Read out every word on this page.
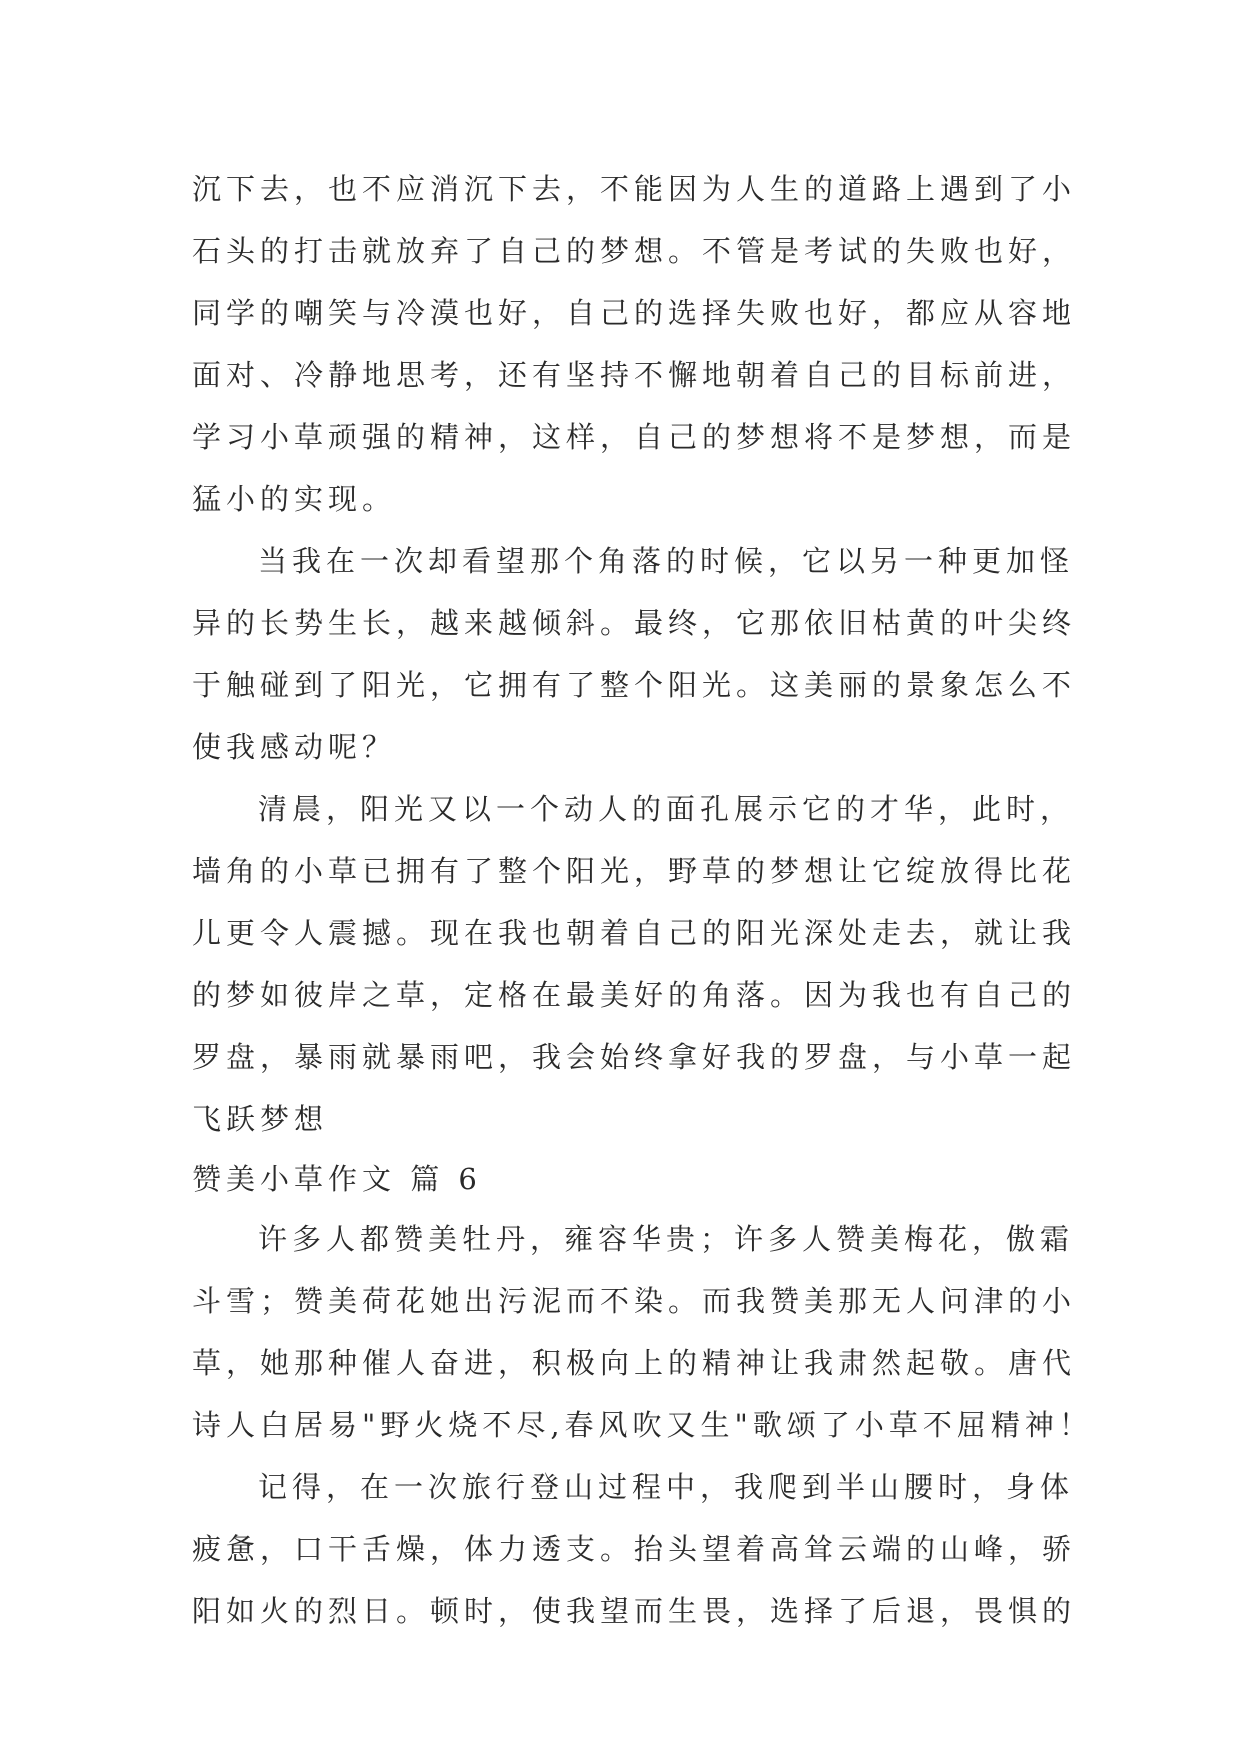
沉下去，也不应消沉下去，不能因为人生的道路上遇到了小
石头的打击就放弃了自己的梦想。不管是考试的失败也好，
同学的嘲笑与冷漠也好，自己的选择失败也好，都应从容地
面对、冷静地思考，还有坚持不懈地朝着自己的目标前进，
学习小草顽强的精神，这样，自己的梦想将不是梦想，而是
猛小的实现。
当我在一次却看望那个角落的时候，它以另一种更加怪
异的长势生长，越来越倾斜。最终，它那依旧枯黄的叶尖终
于触碰到了阳光，它拥有了整个阳光。这美丽的景象怎么不
使我感动呢？
清晨，阳光又以一个动人的面孔展示它的才华，此时，
墙角的小草已拥有了整个阳光，野草的梦想让它绽放得比花
儿更令人震撼。现在我也朝着自己的阳光深处走去，就让我
的梦如彼岸之草，定格在最美好的角落。因为我也有自己的
罗盘，暴雨就暴雨吧，我会始终拿好我的罗盘，与小草一起
飞跃梦想
赞美小草作文 篇 6
许多人都赞美牡丹，雍容华贵；许多人赞美梅花，傲霜
斗雪；赞美荷花她出污泥而不染。而我赞美那无人问津的小
草，她那种催人奋进，积极向上的精神让我肃然起敬。唐代
诗人白居易"野火烧不尽,春风吹又生"歌颂了小草不屈精神！
记得，在一次旅行登山过程中，我爬到半山腰时，身体
疲惫，口干舌燥，体力透支。抬头望着高耸云端的山峰，骄
阳如火的烈日。顿时，使我望而生畏，选择了后退，畏惧的
